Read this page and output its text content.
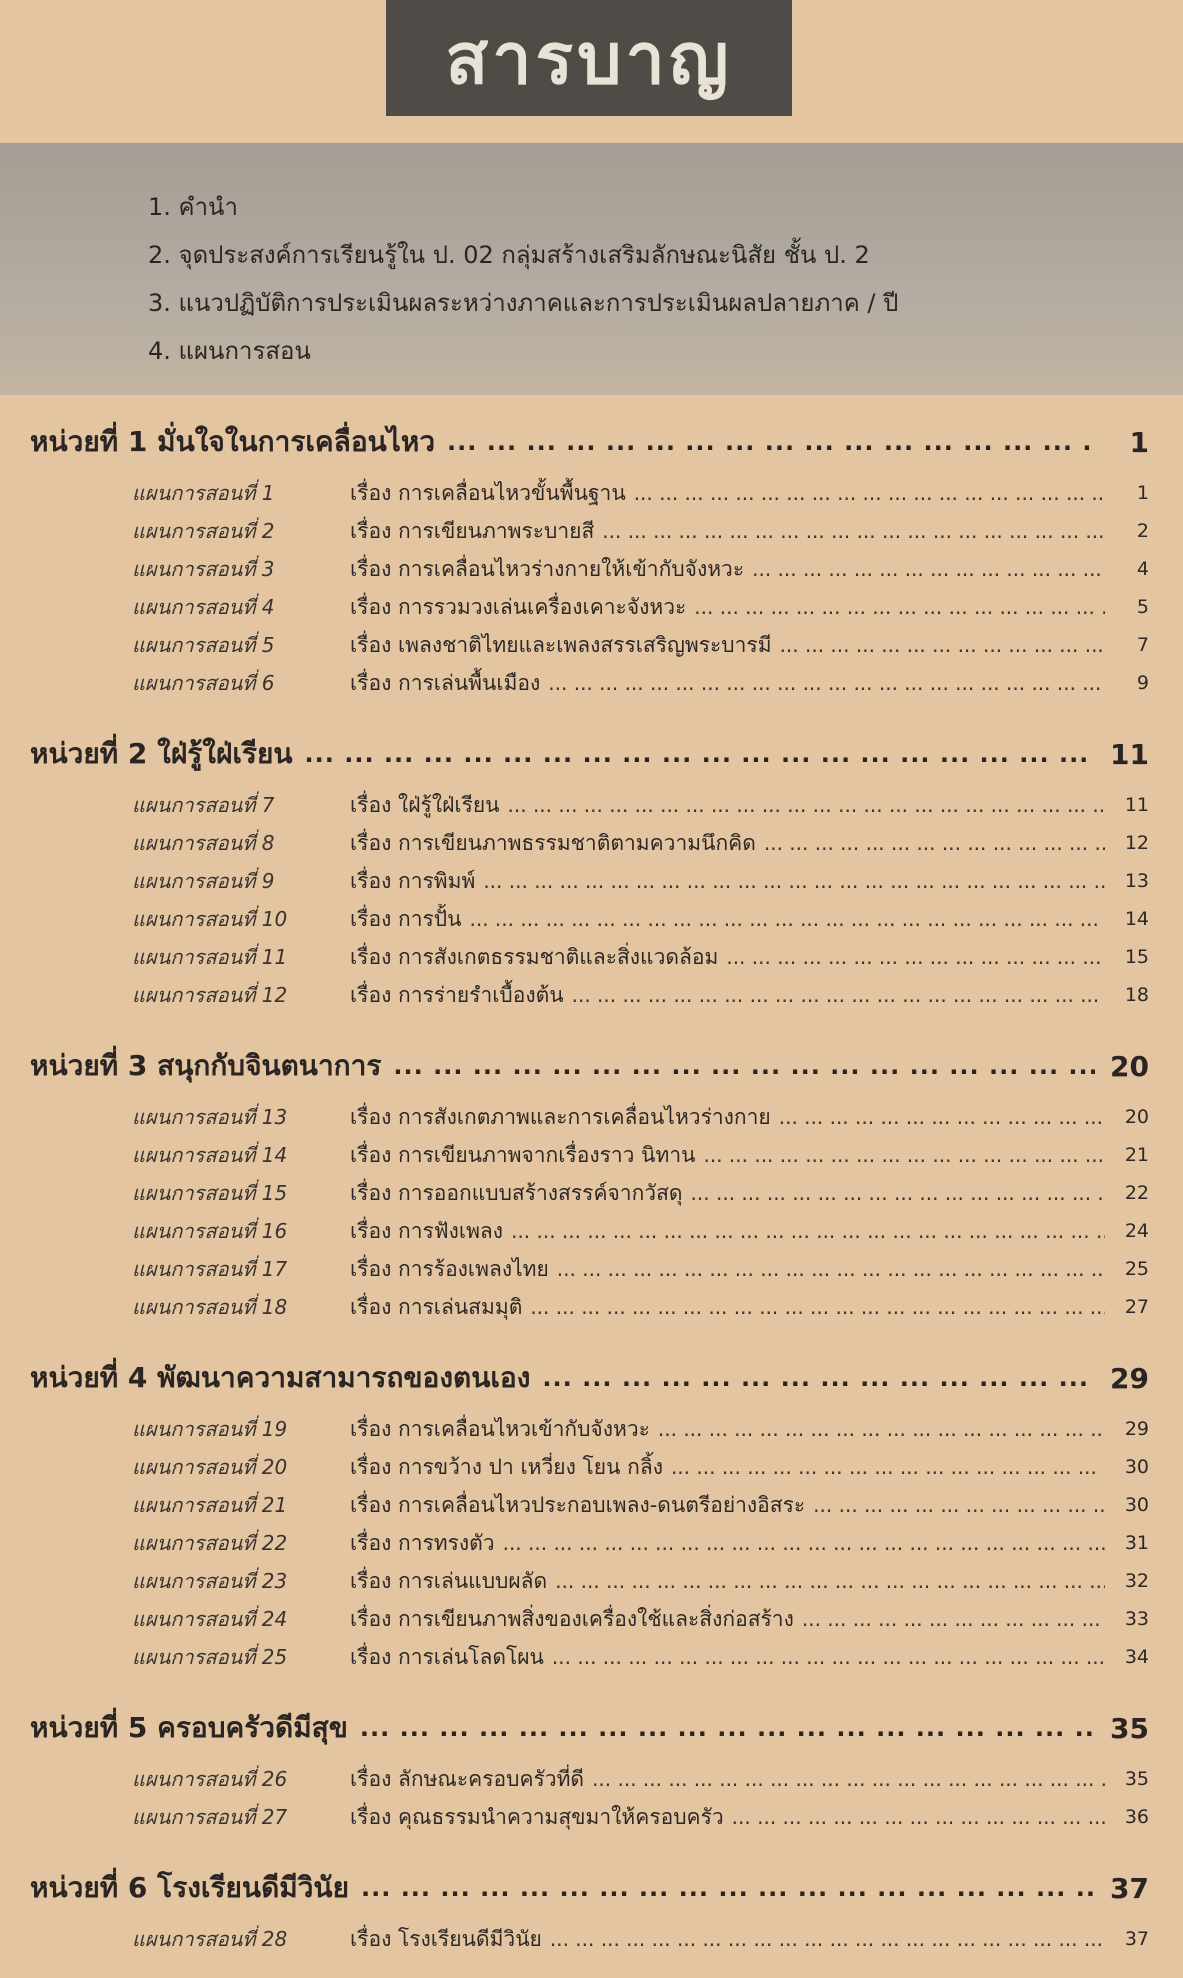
สารบาญ
1. คำนำ
2. จุดประสงค์การเรียนรู้ใน ป. 02 กลุ่มสร้างเสริมลักษณะนิสัย ชั้น ป. 2
3. แนวปฏิบัติการประเมินผลระหว่างภาคและการประเมินผลปลายภาค / ปี
4. แผนการสอน
หน่วยที่ 1 มั่นใจในการเคลื่อนไหว ... .	1
แผนการสอนที่ 1	เรื่อง การเคลื่อนไหวขั้นพื้นฐาน ... .	1
แผนการสอนที่ 2	เรื่อง การเขียนภาพระบายสี ... .	2
แผนการสอนที่ 3	เรื่อง การเคลื่อนไหวร่างกายให้เข้ากับจังหวะ ... .	4
แผนการสอนที่ 4	เรื่อง การรวมวงเล่นเครื่องเคาะจังหวะ ... .	5
แผนการสอนที่ 5	เรื่อง เพลงชาติไทยและเพลงสรรเสริญพระบารมี ... .	7
แผนการสอนที่ 6	เรื่อง การเล่นพื้นเมือง ... .	9
หน่วยที่ 2 ใฝ่รู้ใฝ่เรียน ... .	11
แผนการสอนที่ 7	เรื่อง ใฝ่รู้ใฝ่เรียน ... .	11
แผนการสอนที่ 8	เรื่อง การเขียนภาพธรรมชาติตามความนึกคิด ... .	12
แผนการสอนที่ 9	เรื่อง การพิมพ์ ... .	13
แผนการสอนที่ 10	เรื่อง การปั้น ... .	14
แผนการสอนที่ 11	เรื่อง การสังเกตธรรมชาติและสิ่งแวดล้อม ... .	15
แผนการสอนที่ 12	เรื่อง การร่ายรำเบื้องต้น ... .	18
หน่วยที่ 3 สนุกกับจินตนาการ ... .	20
แผนการสอนที่ 13	เรื่อง การสังเกตภาพและการเคลื่อนไหวร่างกาย ... .	20
แผนการสอนที่ 14	เรื่อง การเขียนภาพจากเรื่องราว นิทาน ... .	21
แผนการสอนที่ 15	เรื่อง การออกแบบสร้างสรรค์จากวัสดุ ... .	22
แผนการสอนที่ 16	เรื่อง การฟังเพลง ... .	24
แผนการสอนที่ 17	เรื่อง การร้องเพลงไทย ... .	25
แผนการสอนที่ 18	เรื่อง การเล่นสมมุติ ... .	27
หน่วยที่ 4 พัฒนาความสามารถของตนเอง ... .	29
แผนการสอนที่ 19	เรื่อง การเคลื่อนไหวเข้ากับจังหวะ ... .	29
แผนการสอนที่ 20	เรื่อง การขว้าง ปา เหวี่ยง โยน กลิ้ง ... .	30
แผนการสอนที่ 21	เรื่อง การเคลื่อนไหวประกอบเพลง-ดนตรีอย่างอิสระ ... .	30
แผนการสอนที่ 22	เรื่อง การทรงตัว ... .	31
แผนการสอนที่ 23	เรื่อง การเล่นแบบผลัด ... .	32
แผนการสอนที่ 24	เรื่อง การเขียนภาพสิ่งของเครื่องใช้และสิ่งก่อสร้าง ... .	33
แผนการสอนที่ 25	เรื่อง การเล่นโลดโผน ... .	34
หน่วยที่ 5 ครอบครัวดีมีสุข ... .	35
แผนการสอนที่ 26	เรื่อง ลักษณะครอบครัวที่ดี ... .	35
แผนการสอนที่ 27	เรื่อง คุณธรรมนำความสุขมาให้ครอบครัว ... .	36
หน่วยที่ 6 โรงเรียนดีมีวินัย ... .	37
แผนการสอนที่ 28	เรื่อง โรงเรียนดีมีวินัย ... .	37
